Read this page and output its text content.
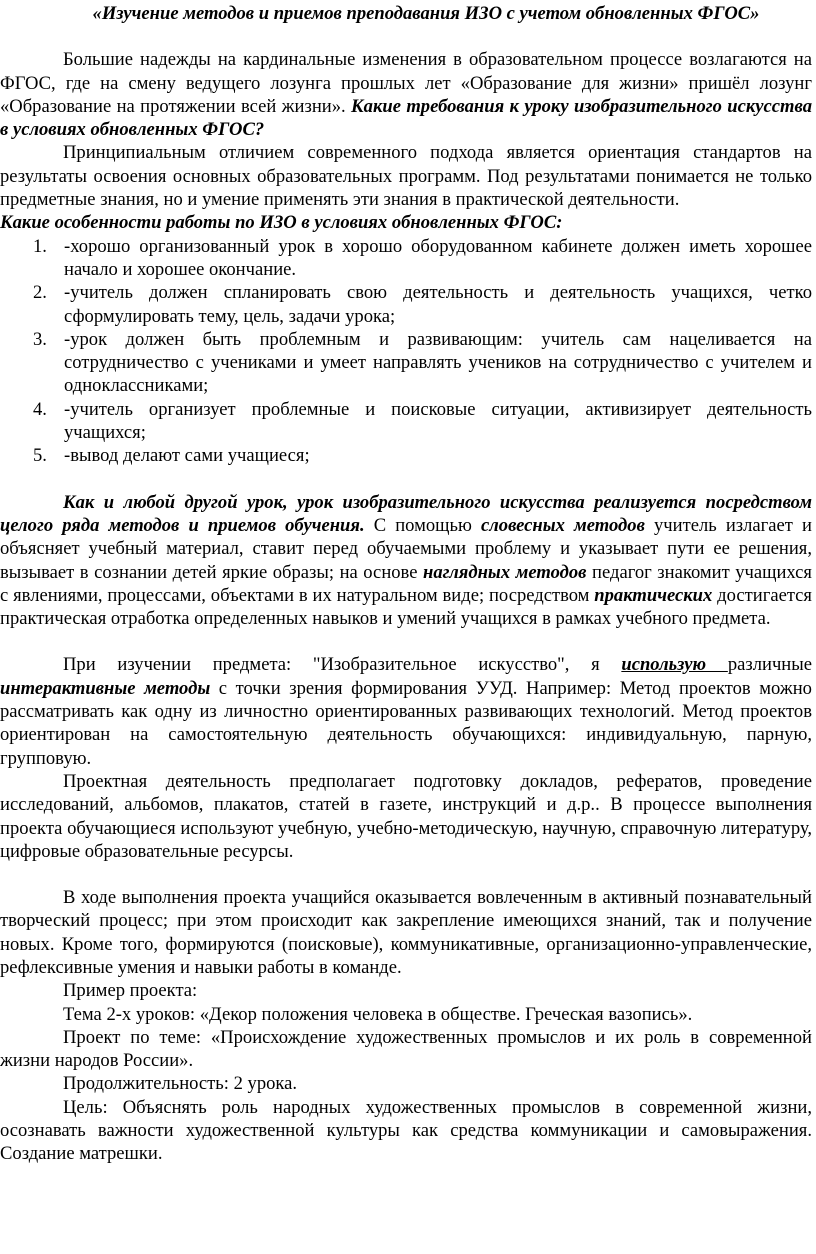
«Изучение методов и приемов преподавания ИЗО с учетом обновленных ФГОС»

Большие надежды на кардинальные изменения в образовательном процессе возлагаются на ФГОС, где на смену ведущего лозунга прошлых лет «Образование для жизни» пришёл лозунг «Образование на протяжении всей жизни». Какие требования к уроку изобразительного искусства в условиях обновленных ФГОС?

Принципиальным отличием современного подхода является ориентация стандартов на результаты освоения основных образовательных программ. Под результатами понимается не только предметные знания, но и умение применять эти знания в практической деятельности.

Какие особенности работы по ИЗО в условиях обновленных ФГОС:

1. -хорошо организованный урок в хорошо оборудованном кабинете должен иметь хорошее начало и хорошее окончание.
2. -учитель должен спланировать свою деятельность и деятельность учащихся, четко сформулировать тему, цель, задачи урока;
3. -урок должен быть проблемным и развивающим: учитель сам нацеливается на сотрудничество с учениками и умеет направлять учеников на сотрудничество с учителем и одноклассниками;
4. -учитель организует проблемные и поисковые ситуации, активизирует деятельность учащихся;
5. -вывод делают сами учащиеся;

Как и любой другой урок, урок изобразительного искусства реализуется посредством целого ряда методов и приемов обучения. С помощью словесных методов учитель излагает и объясняет учебный материал, ставит перед обучаемыми проблему и указывает пути ее решения, вызывает в сознании детей яркие образы; на основе наглядных методов педагог знакомит учащихся с явлениями, процессами, объектами в их натуральном виде; посредством практических достигается практическая отработка определенных навыков и умений учащихся в рамках учебного предмета.

При изучении предмета: "Изобразительное искусство", я использую различные интерактивные методы с точки зрения формирования УУД. Например: Метод проектов можно рассматривать как одну из личностно ориентированных развивающих технологий. Метод проектов ориентирован на самостоятельную деятельность обучающихся: индивидуальную, парную, групповую.

Проектная деятельность предполагает подготовку докладов, рефератов, проведение исследований, альбомов, плакатов, статей в газете, инструкций и д.р.. В процессе выполнения проекта обучающиеся используют учебную, учебно-методическую, научную, справочную литературу, цифровые образовательные ресурсы.

В ходе выполнения проекта учащийся оказывается вовлеченным в активный познавательный творческий процесс; при этом происходит как закрепление имеющихся знаний, так и получение новых. Кроме того, формируются (поисковые), коммуникативные, организационно-управленческие, рефлексивные умения и навыки работы в команде.

Пример проекта:

Тема 2-х уроков: «Декор положения человека в обществе. Греческая вазопись».

Проект по теме: «Происхождение художественных промыслов и их роль в современной жизни народов России».

Продолжительность: 2 урока.

Цель: Объяснять роль народных художественных промыслов в современной жизни, осознавать важности художественной культуры как средства коммуникации и самовыражения. Создание матрешки.
